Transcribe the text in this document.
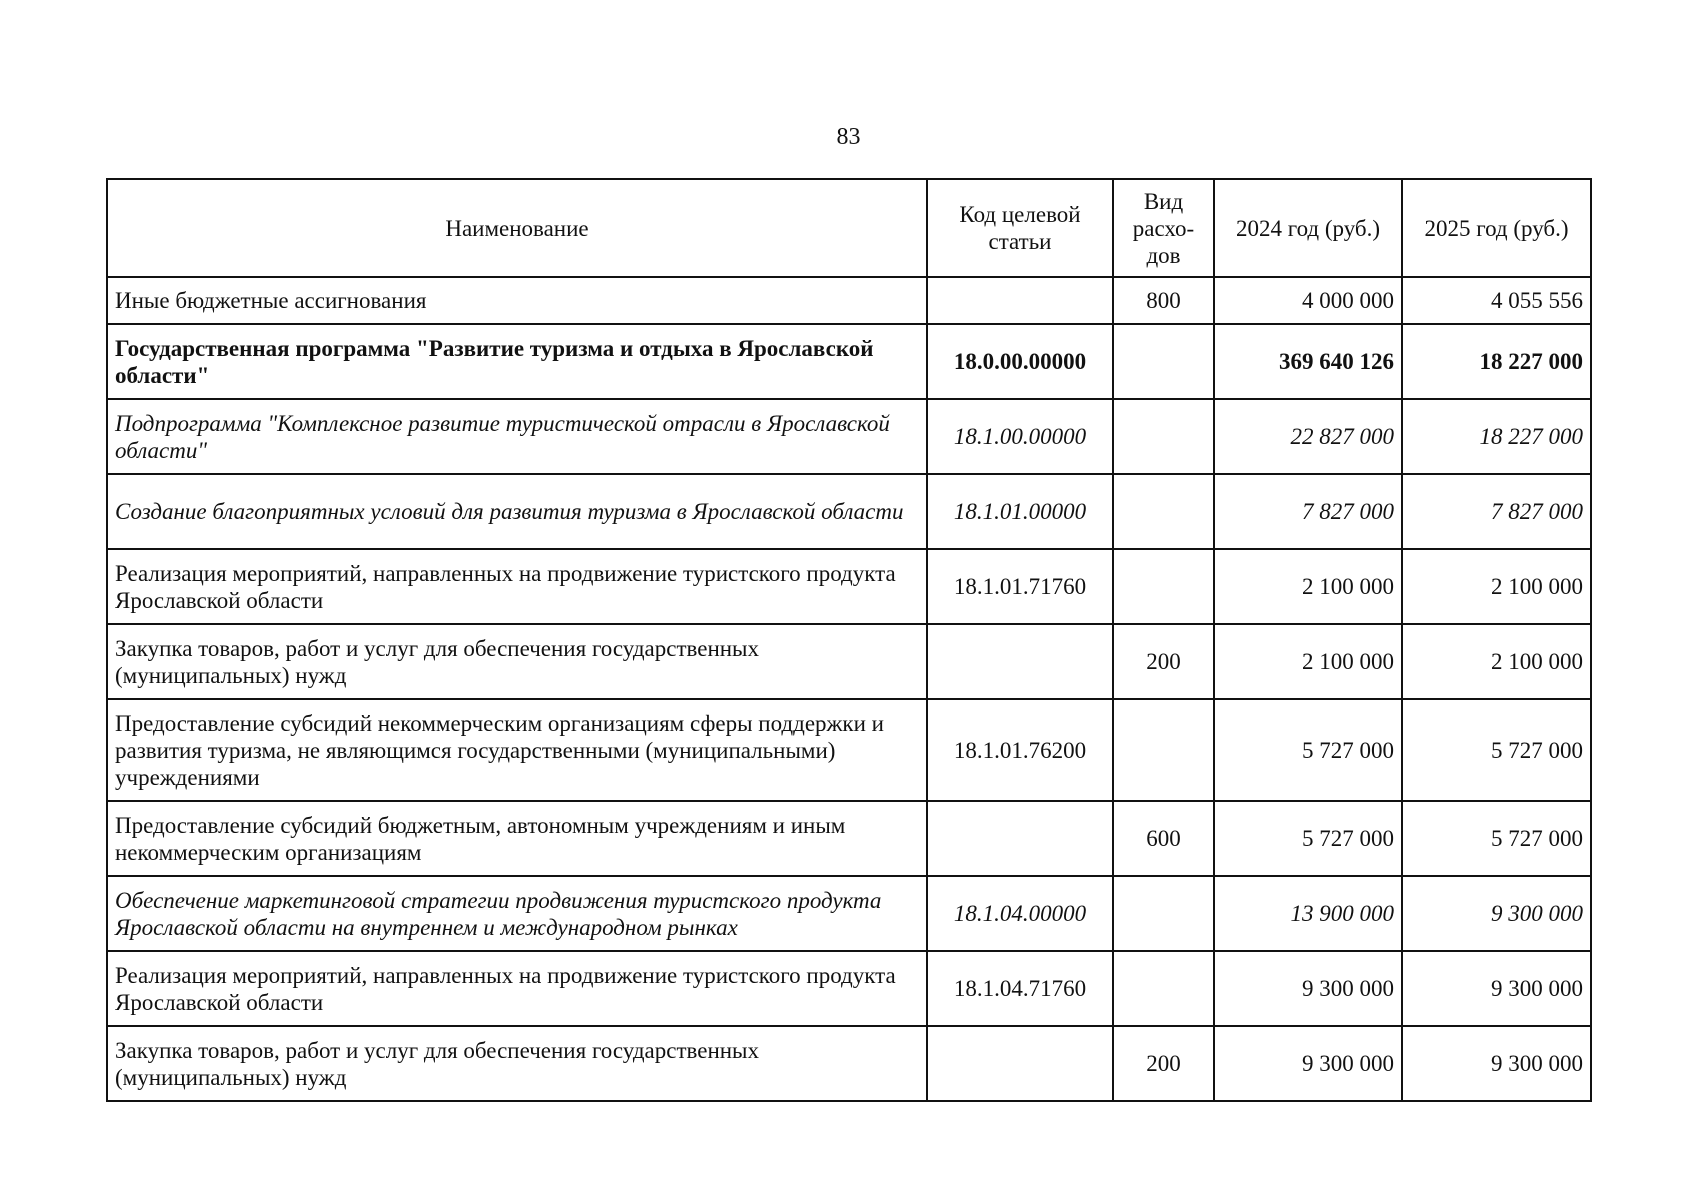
83
Наименование	Код целевой статьи	Вид расхо-дов	2024 год (руб.)	2025 год (руб.)
Иные бюджетные ассигнования		800	4 000 000	4 055 556
Государственная программа "Развитие туризма и отдыха в Ярославской области"	18.0.00.00000		369 640 126	18 227 000
Подпрограмма "Комплексное развитие туристической отрасли в Ярославской области"	18.1.00.00000		22 827 000	18 227 000
Создание благоприятных условий для развития туризма в Ярославской области	18.1.01.00000		7 827 000	7 827 000
Реализация мероприятий, направленных на продвижение туристского продукта Ярославской области	18.1.01.71760		2 100 000	2 100 000
Закупка товаров, работ и услуг для обеспечения государственных (муниципальных) нужд		200	2 100 000	2 100 000
Предоставление субсидий некоммерческим организациям сферы поддержки и развития туризма, не являющимся государственными (муниципальными) учреждениями	18.1.01.76200		5 727 000	5 727 000
Предоставление субсидий бюджетным, автономным учреждениям и иным некоммерческим организациям		600	5 727 000	5 727 000
Обеспечение маркетинговой стратегии продвижения туристского продукта Ярославской области на внутреннем и международном рынках	18.1.04.00000		13 900 000	9 300 000
Реализация мероприятий, направленных на продвижение туристского продукта Ярославской области	18.1.04.71760		9 300 000	9 300 000
Закупка товаров, работ и услуг для обеспечения государственных (муниципальных) нужд		200	9 300 000	9 300 000
